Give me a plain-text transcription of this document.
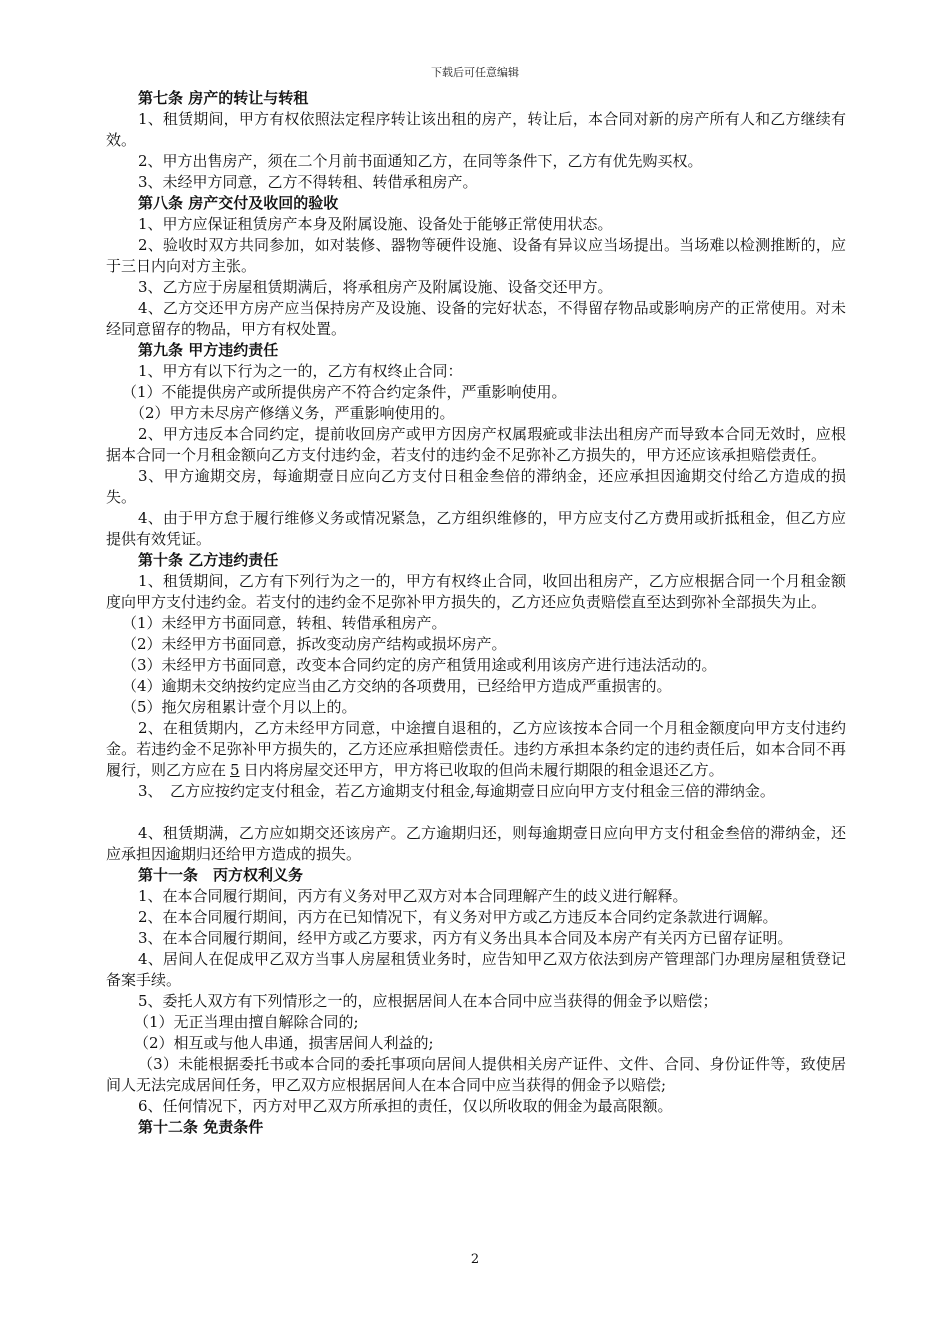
下载后可任意编辑

第七条 房产的转让与转租

1、租赁期间，甲方有权依照法定程序转让该出租的房产，转让后，本合同对新的房产所有人和乙方继续有效。

2、甲方出售房产，须在二个月前书面通知乙方，在同等条件下，乙方有优先购买权。

3、未经甲方同意，乙方不得转租、转借承租房产。

第八条 房产交付及收回的验收

1、甲方应保证租赁房产本身及附属设施、设备处于能够正常使用状态。

2、验收时双方共同参加，如对装修、器物等硬件设施、设备有异议应当场提出。当场难以检测推断的，应于三日内向对方主张。

3、乙方应于房屋租赁期满后，将承租房产及附属设施、设备交还甲方。

4、乙方交还甲方房产应当保持房产及设施、设备的完好状态，不得留存物品或影响房产的正常使用。对未经同意留存的物品，甲方有权处置。

第九条 甲方违约责任

1、甲方有以下行为之一的，乙方有权终止合同：

（1）不能提供房产或所提供房产不符合约定条件，严重影响使用。

（2）甲方未尽房产修缮义务，严重影响使用的。

2、甲方违反本合同约定，提前收回房产或甲方因房产权属瑕疵或非法出租房产而导致本合同无效时，应根据本合同一个月租金额向乙方支付违约金，若支付的违约金不足弥补乙方损失的，甲方还应该承担赔偿责任。

3、甲方逾期交房，每逾期壹日应向乙方支付日租金叁倍的滞纳金，还应承担因逾期交付给乙方造成的损失。

4、由于甲方怠于履行维修义务或情况紧急，乙方组织维修的，甲方应支付乙方费用或折抵租金，但乙方应提供有效凭证。

第十条 乙方违约责任

1、租赁期间，乙方有下列行为之一的，甲方有权终止合同，收回出租房产，乙方应根据合同一个月租金额度向甲方支付违约金。若支付的违约金不足弥补甲方损失的，乙方还应负责赔偿直至达到弥补全部损失为止。

（1）未经甲方书面同意，转租、转借承租房产。

（2）未经甲方书面同意，拆改变动房产结构或损坏房产。

（3）未经甲方书面同意，改变本合同约定的房产租赁用途或利用该房产进行违法活动的。

（4）逾期未交纳按约定应当由乙方交纳的各项费用，已经给甲方造成严重损害的。

（5）拖欠房租累计壹个月以上的。

2、在租赁期内，乙方未经甲方同意，中途擅自退租的，乙方应该按本合同一个月租金额度向甲方支付违约金。若违约金不足弥补甲方损失的，乙方还应承担赔偿责任。违约方承担本条约定的违约责任后，如本合同不再履行，则乙方应在 5 日内将房屋交还甲方，甲方将已收取的但尚未履行期限的租金退还乙方。

3、　乙方应按约定支付租金，若乙方逾期支付租金,每逾期壹日应向甲方支付租金三倍的滞纳金。

4、租赁期满，乙方应如期交还该房产。乙方逾期归还，则每逾期壹日应向甲方支付租金叁倍的滞纳金，还应承担因逾期归还给甲方造成的损失。

第十一条　丙方权利义务

1、在本合同履行期间，丙方有义务对甲乙双方对本合同理解产生的歧义进行解释。

2、在本合同履行期间，丙方在已知情况下，有义务对甲方或乙方违反本合同约定条款进行调解。

3、在本合同履行期间，经甲方或乙方要求，丙方有义务出具本合同及本房产有关丙方已留存证明。

4、居间人在促成甲乙双方当事人房屋租赁业务时，应告知甲乙双方依法到房产管理部门办理房屋租赁登记备案手续。

5、委托人双方有下列情形之一的，应根据居间人在本合同中应当获得的佣金予以赔偿；

（1）无正当理由擅自解除合同的;

（2）相互或与他人串通，损害居间人利益的;

（3）未能根据委托书或本合同的委托事项向居间人提供相关房产证件、文件、合同、身份证件等，致使居间人无法完成居间任务，甲乙双方应根据居间人在本合同中应当获得的佣金予以赔偿;

6、任何情况下，丙方对甲乙双方所承担的责任，仅以所收取的佣金为最高限额。

第十二条 免责条件

2
